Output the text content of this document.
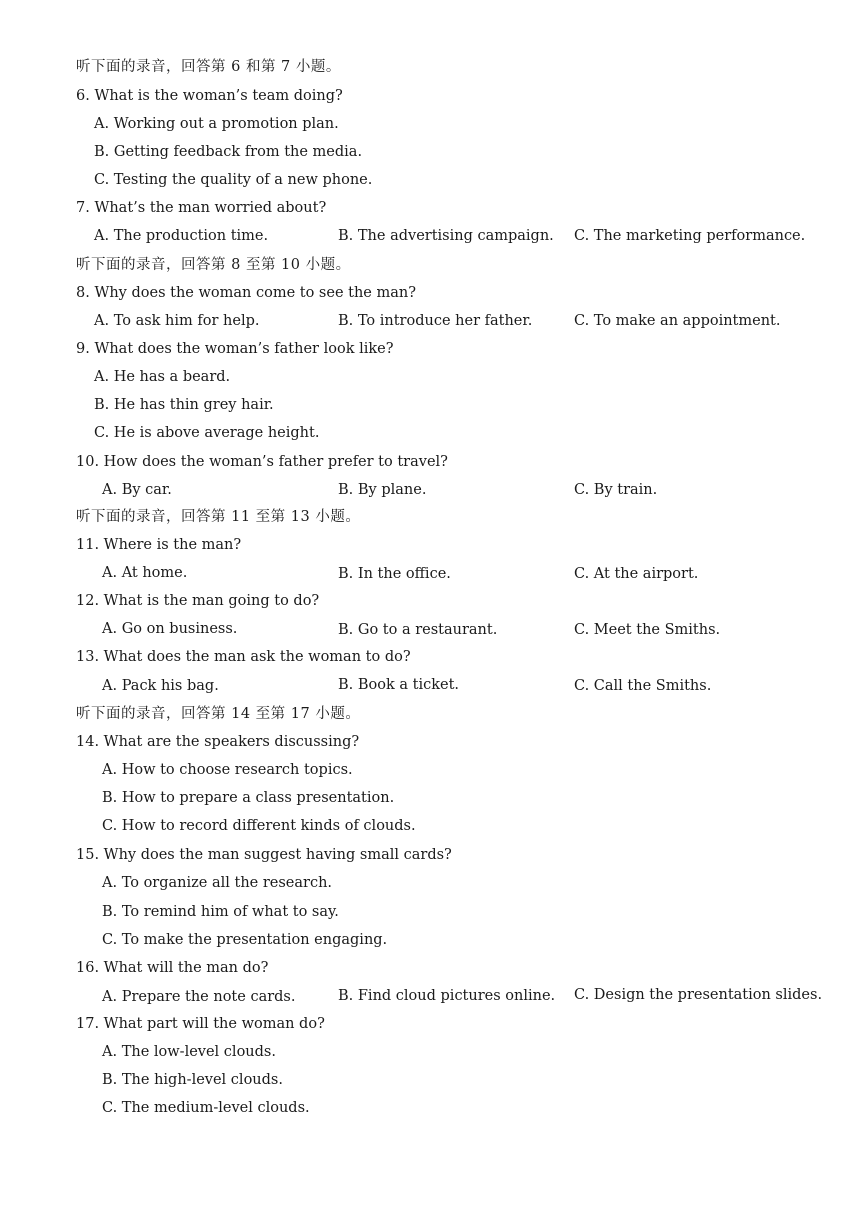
听下面的录音，回答第 6 和第 7 小题。
6. What is the woman’s team doing?
A. Working out a promotion plan.
B. Getting feedback from the media.
C. Testing the quality of a new phone.
7. What’s the man worried about?
A. The production time.	B. The advertising campaign. C. The marketing performance.
听下面的录音，回答第 8 至第 10 小题。
8. Why does the woman come to see the man?
A. To ask him for help.	B. To introduce her father.	C. To make an appointment.
9. What does the woman’s father look like?
A. He has a beard.
B. He has thin grey hair.
C. He is above average height.
10. How does the woman’s father prefer to travel?
A. By car.	B. By plane.	C. By train.
听下面的录音，回答第 11 至第 13 小题。
11. Where is the man?
A. At home.	B. In the office.	C. At the airport.
12. What is the man going to do?
A. Go on business.	B. Go to a restaurant.	C. Meet the Smiths.
13. What does the man ask the woman to do?
A. Pack his bag.	B. Book a ticket.	C. Call the Smiths.
听下面的录音，回答第 14 至第 17 小题。
14. What are the speakers discussing?
A. How to choose research topics.
B. How to prepare a class presentation.
C. How to record different kinds of clouds.
15. Why does the man suggest having small cards?
A. To organize all the research.
B. To remind him of what to say.
C. To make the presentation engaging.
16. What will the man do?
A. Prepare the note cards.	B. Find cloud pictures online. C. Design the presentation slides.
17. What part will the woman do?
A. The low-level clouds.
B. The high-level clouds.
C. The medium-level clouds.
